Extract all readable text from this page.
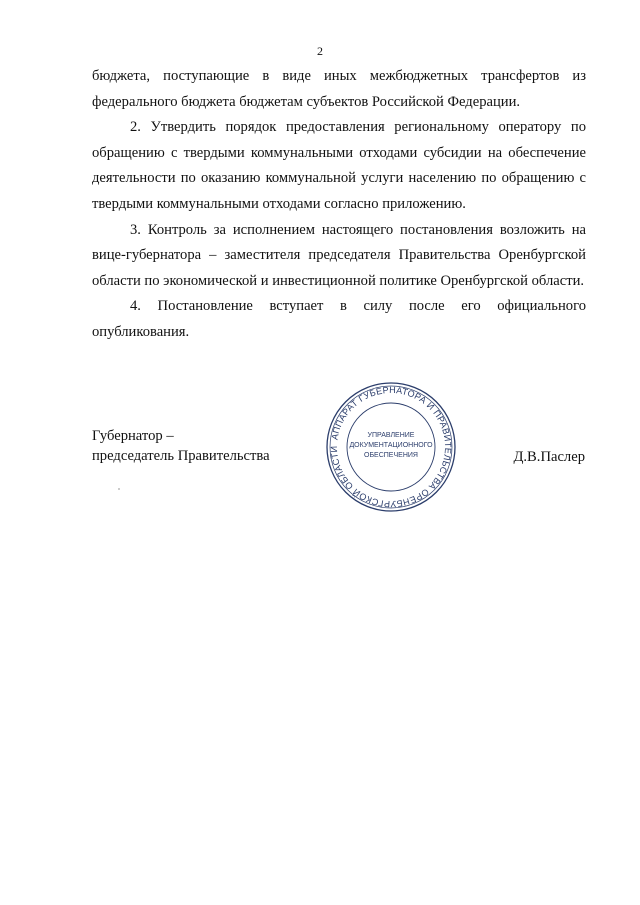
2

бюджета, поступающие в виде иных межбюджетных трансфертов из федерального бюджета бюджетам субъектов Российской Федерации.

2. Утвердить порядок предоставления региональному оператору по обращению с твердыми коммунальными отходами субсидии на обеспечение деятельности по оказанию коммунальной услуги населению по обращению с твердыми коммунальными отходами согласно приложению.

3. Контроль за исполнением настоящего постановления возложить на вице-губернатора – заместителя председателя Правительства Оренбургской области по экономической и инвестиционной политике Оренбургской области.

4. Постановление вступает в силу после его официального опубликования.

Губернатор –
председатель Правительства
АППАРАТ ГУБЕРНАТОРА И ПРАВИТЕЛЬСТВА ОРЕНБУРГСКОЙ ОБЛАСТИ
УПРАВЛЕНИЕ
ДОКУМЕНТАЦИОННОГО
ОБЕСПЕЧЕНИЯ	Д.В.Паслер
